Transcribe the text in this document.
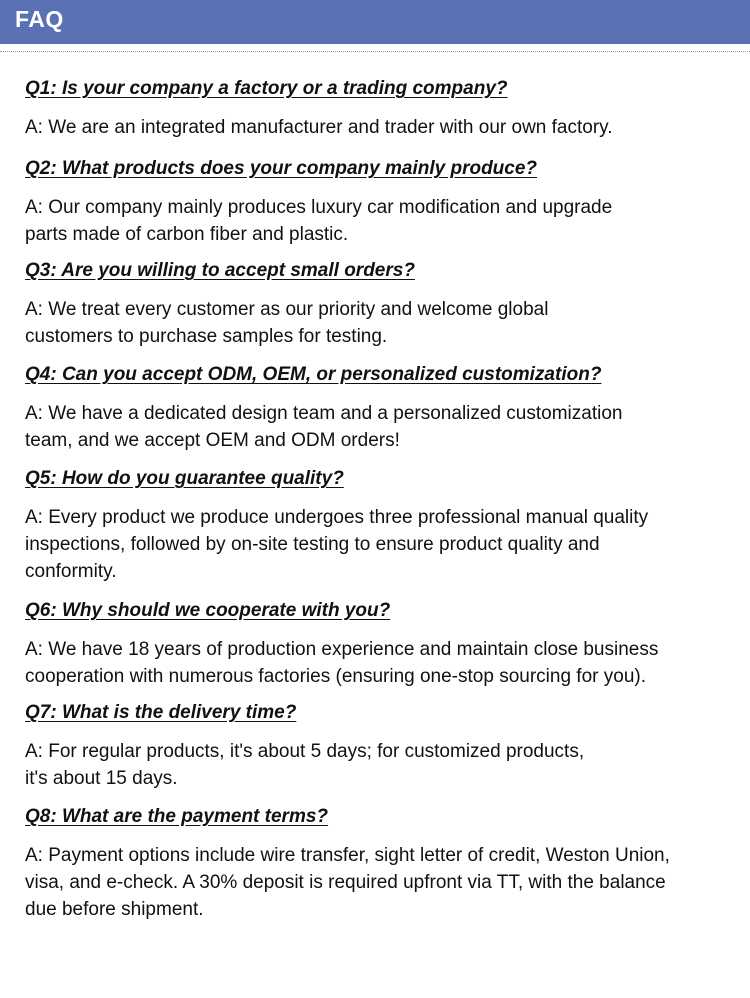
FAQ
Q1: Is your company a factory or a trading company?
A: We are an integrated manufacturer and trader with our own factory.
Q2: What products does your company mainly produce?
A: Our company mainly produces luxury car modification and upgrade
parts made of carbon fiber and plastic.
Q3: Are you willing to accept small orders?
A: We treat every customer as our priority and welcome global
customers to purchase samples for testing.
Q4: Can you accept ODM, OEM, or personalized customization?
A: We have a dedicated design team and a personalized customization
team, and we accept OEM and ODM orders!
Q5: How do you guarantee quality?
A: Every product we produce undergoes three professional manual quality
inspections, followed by on-site testing to ensure product quality and
conformity.
Q6: Why should we cooperate with you?
A: We have 18 years of production experience and maintain close business
cooperation with numerous factories (ensuring one-stop sourcing for you).
Q7: What is the delivery time?
A: For regular products, it's about 5 days; for customized products,
it's about 15 days.
Q8: What are the payment terms?
A: Payment options include wire transfer, sight letter of credit, Weston Union,
visa, and e-check. A 30% deposit is required upfront via TT, with the balance
due before shipment.
